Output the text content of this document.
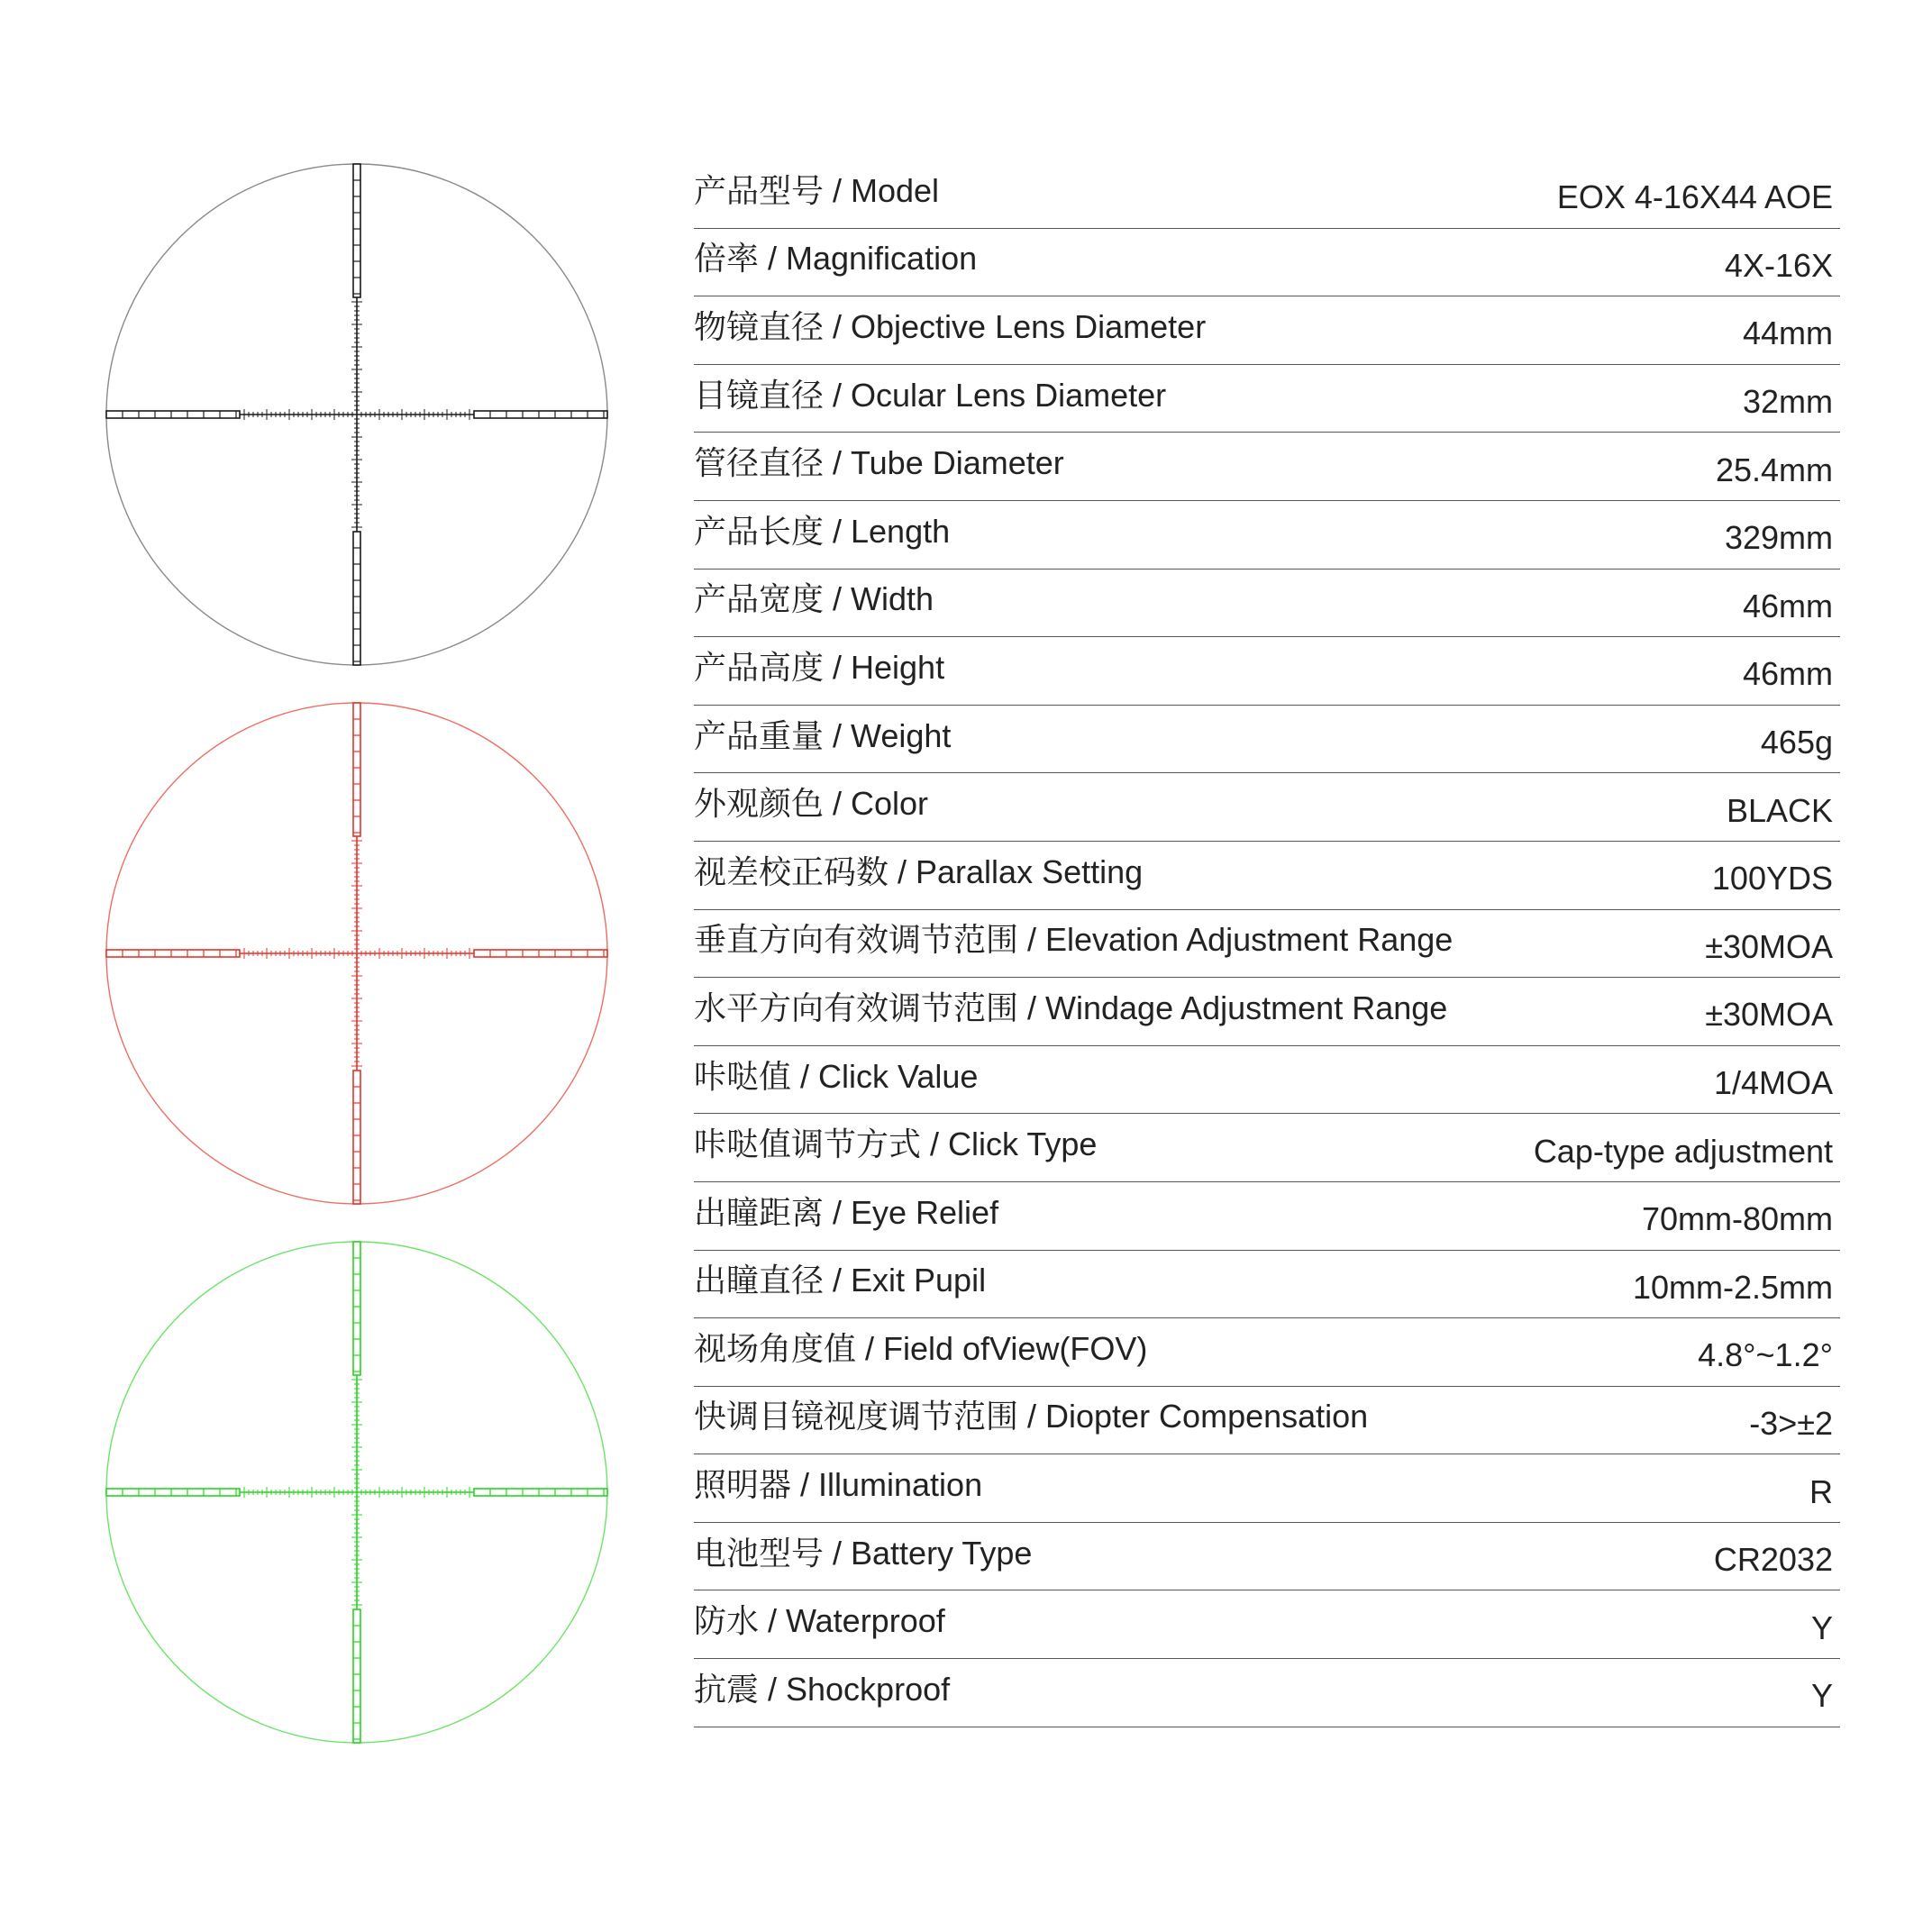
产品型号 / Model	EOX 4-16X44 AOE
倍率 / Magnification	4X-16X
物镜直径 / Objective Lens Diameter	44mm
目镜直径 / Ocular Lens Diameter	32mm
管径直径 / Tube Diameter	25.4mm
产品长度 / Length	329mm
产品宽度 / Width	46mm
产品高度 / Height	46mm
产品重量 / Weight	465g
外观颜色 / Color	BLACK
视差校正码数 / Parallax Setting	100YDS
垂直方向有效调节范围 / Elevation Adjustment Range	±30MOA
水平方向有效调节范围 / Windage Adjustment Range	±30MOA
咔哒值 / Click Value	1/4MOA
咔哒值调节方式 / Click Type	Cap-type adjustment
出瞳距离 / Eye Relief	70mm-80mm
出瞳直径 / Exit Pupil	10mm-2.5mm
视场角度值 / Field ofView(FOV)	4.8°~1.2°
快调目镜视度调节范围 / Diopter Compensation	-3>±2
照明器 / Illumination	R
电池型号 / Battery Type	CR2032
防水 / Waterproof	Y
抗震 / Shockproof	Y
